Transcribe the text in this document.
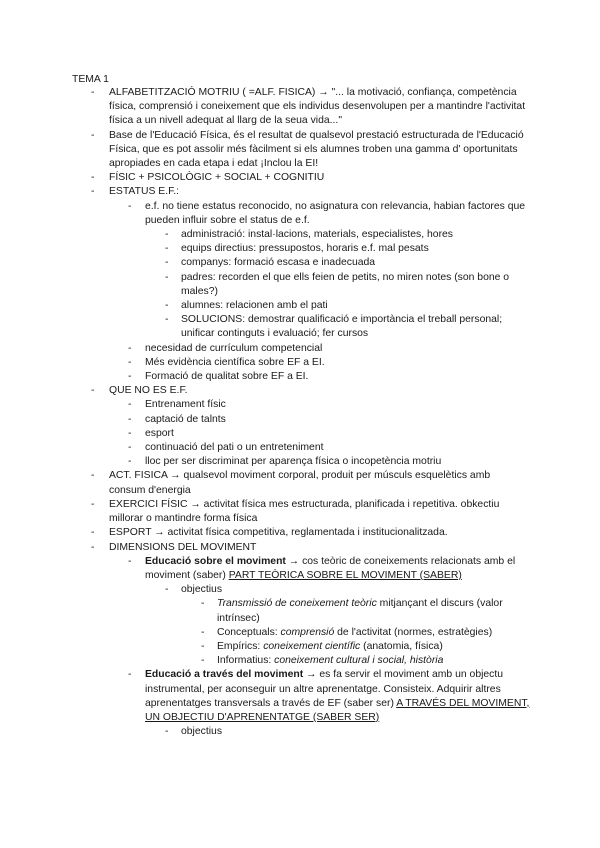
TEMA 1
- ALFABETITZACIÓ MOTRIU ( =ALF. FISICA) → "... la motivació, confiança, competència física, comprensió i coneixement que els individus desenvolupen per a mantindre l'activitat física a un nivell adequat al llarg de la seua vida..."
- Base de l'Educació Física, és el resultat de qualsevol prestació estructurada de l'Educació Física, que es pot assolir més fàcilment si els alumnes troben una gamma d' oportunitats apropiades en cada etapa i edat ¡Inclou la EI!
- FÍSIC + PSICOLÒGIC + SOCIAL + COGNITIU
- ESTATUS E.F.:
- e.f. no tiene estatus reconocido, no asignatura con relevancia, habian factores que pueden influir sobre el status de e.f.
- administració: instal·lacions, materials, especialistes, hores
- equips directius: pressupostos, horaris e.f. mal pesats
- companys: formació escasa e inadecuada
- padres: recorden el que ells feien de petits, no miren notes (son bone o males?)
- alumnes: relacionen amb el pati
- SOLUCIONS: demostrar qualificació e importància el treball personal; unificar continguts i evaluació; fer cursos
- necesidad de currículum competencial
- Més evidència científica sobre EF a EI.
- Formació de qualitat sobre EF a EI.
- QUE NO ES E.F.
- Entrenament físic
- captació de talnts
- esport
- continuació del pati o un entreteniment
- lloc per ser discriminat per aparença física o incopetència motriu
- ACT. FISICA → qualsevol moviment corporal, produit per músculs esquelètics amb consum d'energia
- EXERCICI FÍSIC → activitat física mes estructurada, planificada i repetitiva. obkectiu millorar o mantindre forma física
- ESPORT → activitat física competitiva, reglamentada i institucionalitzada.
- DIMENSIONS DEL MOVIMENT
- Educació sobre el moviment → cos teòric de coneixements relacionats amb el moviment (saber) PART TEÒRICA SOBRE EL MOVIMENT (SABER)
- objectius
- Transmissió de coneixement teòric mitjançant el discurs (valor intrínsec)
- Conceptuals: comprensió de l'activitat (normes, estratègies)
- Empírics: coneixement científic (anatomia, física)
- Informatius: coneixement cultural i social, història
- Educació a través del moviment → es fa servir el moviment amb un objectu instrumental, per aconseguir un altre aprenentatge. Consisteix. Adquirir altres aprenentatges transversals a través de EF (saber ser) A TRAVÉS DEL MOVIMENT, UN OBJECTIU D'APRENENTATGE (SABER SER)
- objectius
